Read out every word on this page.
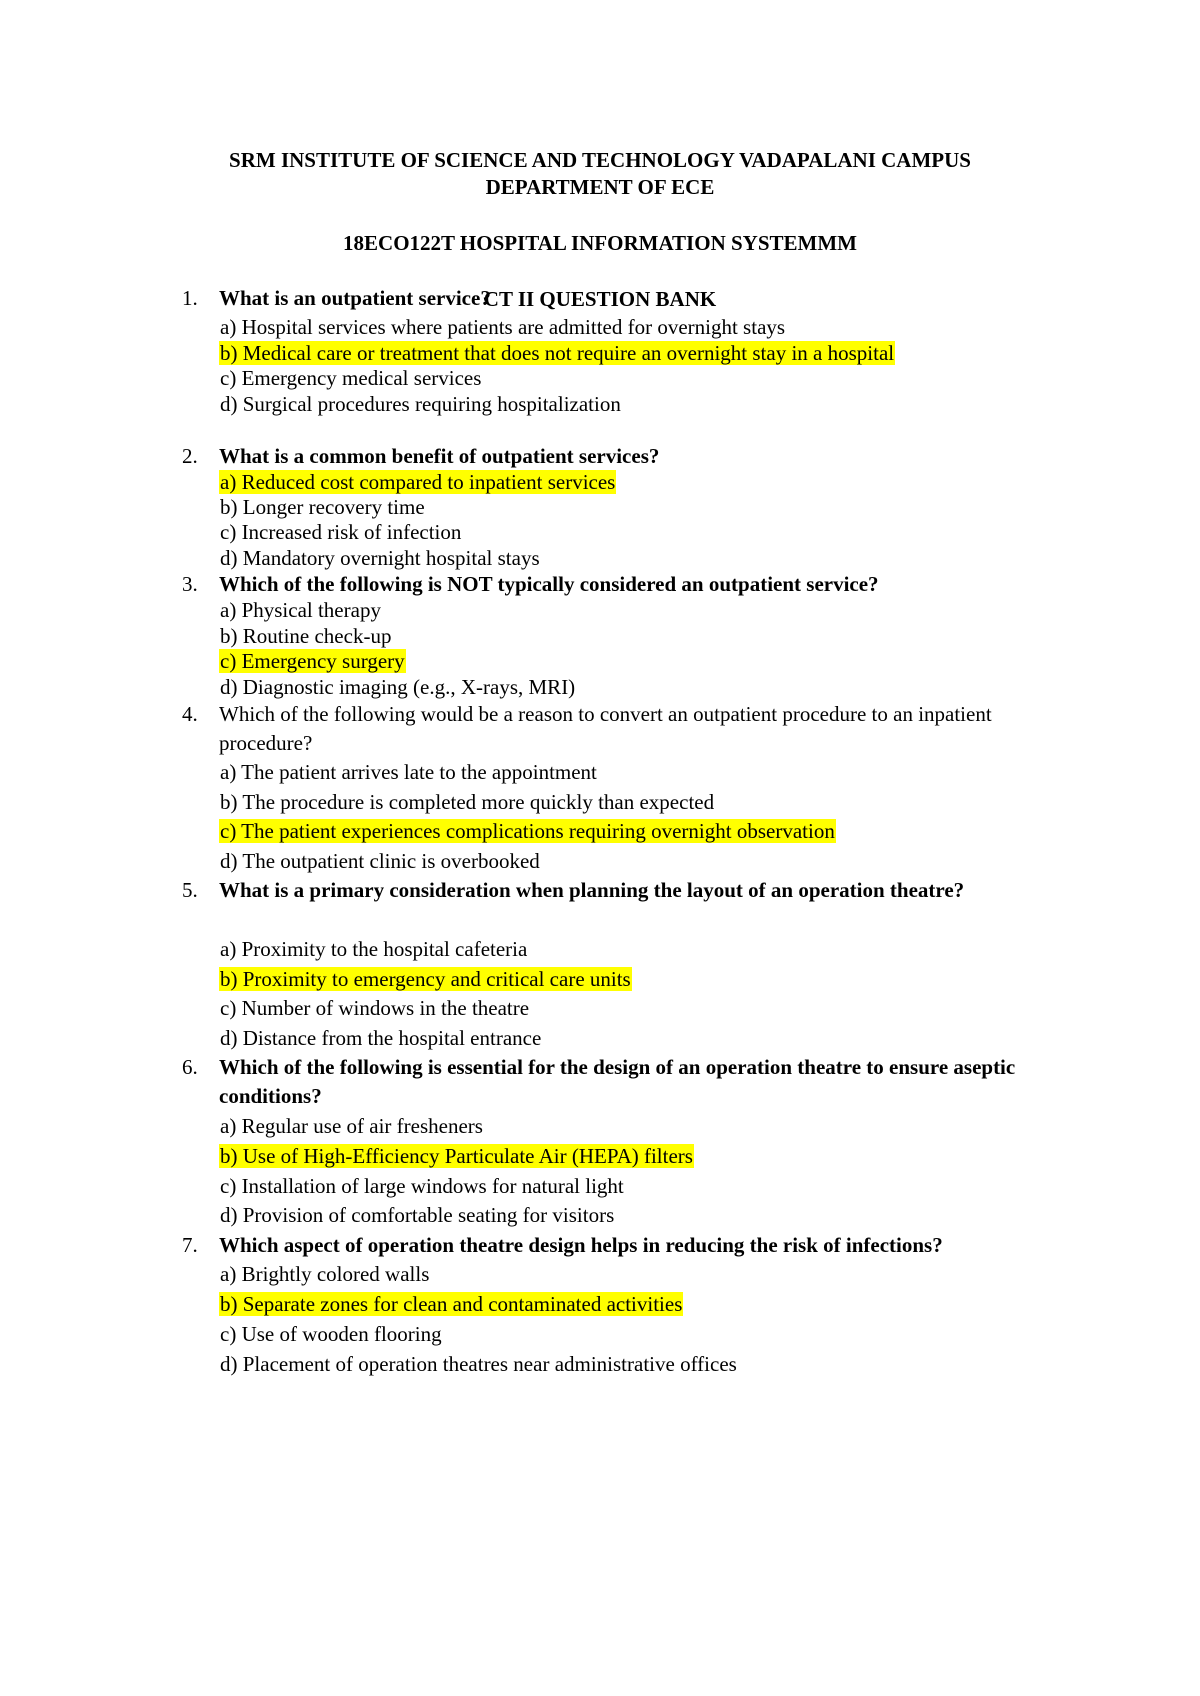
SRM INSTITUTE OF SCIENCE AND TECHNOLOGY VADAPALANI CAMPUS
DEPARTMENT OF ECE
18ECO122T HOSPITAL INFORMATION SYSTEMMM
CT II QUESTION BANK
1. What is an outpatient service?
a) Hospital services where patients are admitted for overnight stays
b) Medical care or treatment that does not require an overnight stay in a hospital
c) Emergency medical services
d) Surgical procedures requiring hospitalization
2. What is a common benefit of outpatient services?
a) Reduced cost compared to inpatient services
b) Longer recovery time
c) Increased risk of infection
d) Mandatory overnight hospital stays
3. Which of the following is NOT typically considered an outpatient service?
a) Physical therapy
b) Routine check-up
c) Emergency surgery
d) Diagnostic imaging (e.g., X-rays, MRI)
4. Which of the following would be a reason to convert an outpatient procedure to an inpatient procedure?
a) The patient arrives late to the appointment
b) The procedure is completed more quickly than expected
c) The patient experiences complications requiring overnight observation
d) The outpatient clinic is overbooked
5. What is a primary consideration when planning the layout of an operation theatre?
a) Proximity to the hospital cafeteria
b) Proximity to emergency and critical care units
c) Number of windows in the theatre
d) Distance from the hospital entrance
6. Which of the following is essential for the design of an operation theatre to ensure aseptic conditions?
a) Regular use of air fresheners
b) Use of High-Efficiency Particulate Air (HEPA) filters
c) Installation of large windows for natural light
d) Provision of comfortable seating for visitors
7. Which aspect of operation theatre design helps in reducing the risk of infections?
a) Brightly colored walls
b) Separate zones for clean and contaminated activities
c) Use of wooden flooring
d) Placement of operation theatres near administrative offices
